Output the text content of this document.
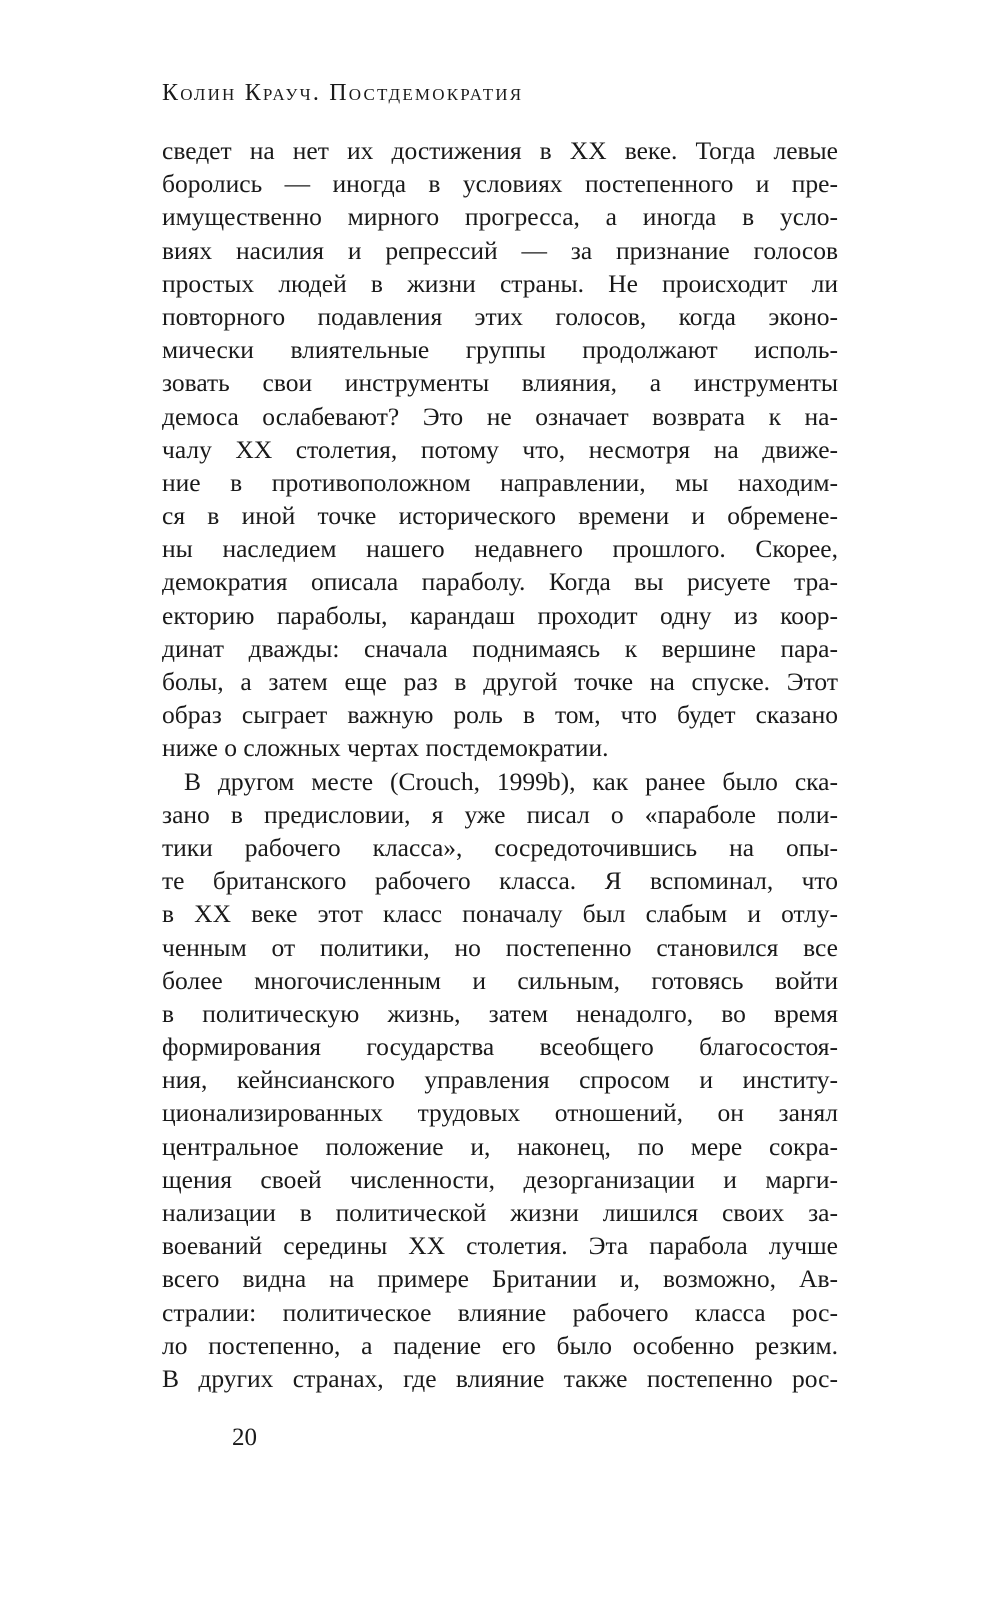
Колин Крауч. Постдемократия
сведет на нет их достижения в XX веке. Тогда левые
боролись — иногда в условиях постепенного и пре-
имущественно мирного прогресса, а иногда в усло-
виях насилия и репрессий — за признание голосов
простых людей в жизни страны. Не происходит ли
повторного подавления этих голосов, когда эконо-
мически влиятельные группы продолжают исполь-
зовать свои инструменты влияния, а инструменты
демоса ослабевают? Это не означает возврата к на-
чалу XX столетия, потому что, несмотря на движе-
ние в противоположном направлении, мы находим-
ся в иной точке исторического времени и обремене-
ны наследием нашего недавнего прошлого. Скорее,
демократия описала параболу. Когда вы рисуете тра-
екторию параболы, карандаш проходит одну из коор-
динат дважды: сначала поднимаясь к вершине пара-
болы, а затем еще раз в другой точке на спуске. Этот
образ сыграет важную роль в том, что будет сказано
ниже о сложных чертах постдемократии.
В другом месте (Crouch, 1999b), как ранее было ска-
зано в предисловии, я уже писал о «параболе поли-
тики рабочего класса», сосредоточившись на опы-
те британского рабочего класса. Я вспоминал, что
в XX веке этот класс поначалу был слабым и отлу-
ченным от политики, но постепенно становился все
более многочисленным и сильным, готовясь войти
в политическую жизнь, затем ненадолго, во время
формирования государства всеобщего благосостоя-
ния, кейнсианского управления спросом и институ-
ционализированных трудовых отношений, он занял
центральное положение и, наконец, по мере сокра-
щения своей численности, дезорганизации и марги-
нализации в политической жизни лишился своих за-
воеваний середины XX столетия. Эта парабола лучше
всего видна на примере Британии и, возможно, Ав-
стралии: политическое влияние рабочего класса рос-
ло постепенно, а падение его было особенно резким.
В других странах, где влияние также постепенно рос-
20
